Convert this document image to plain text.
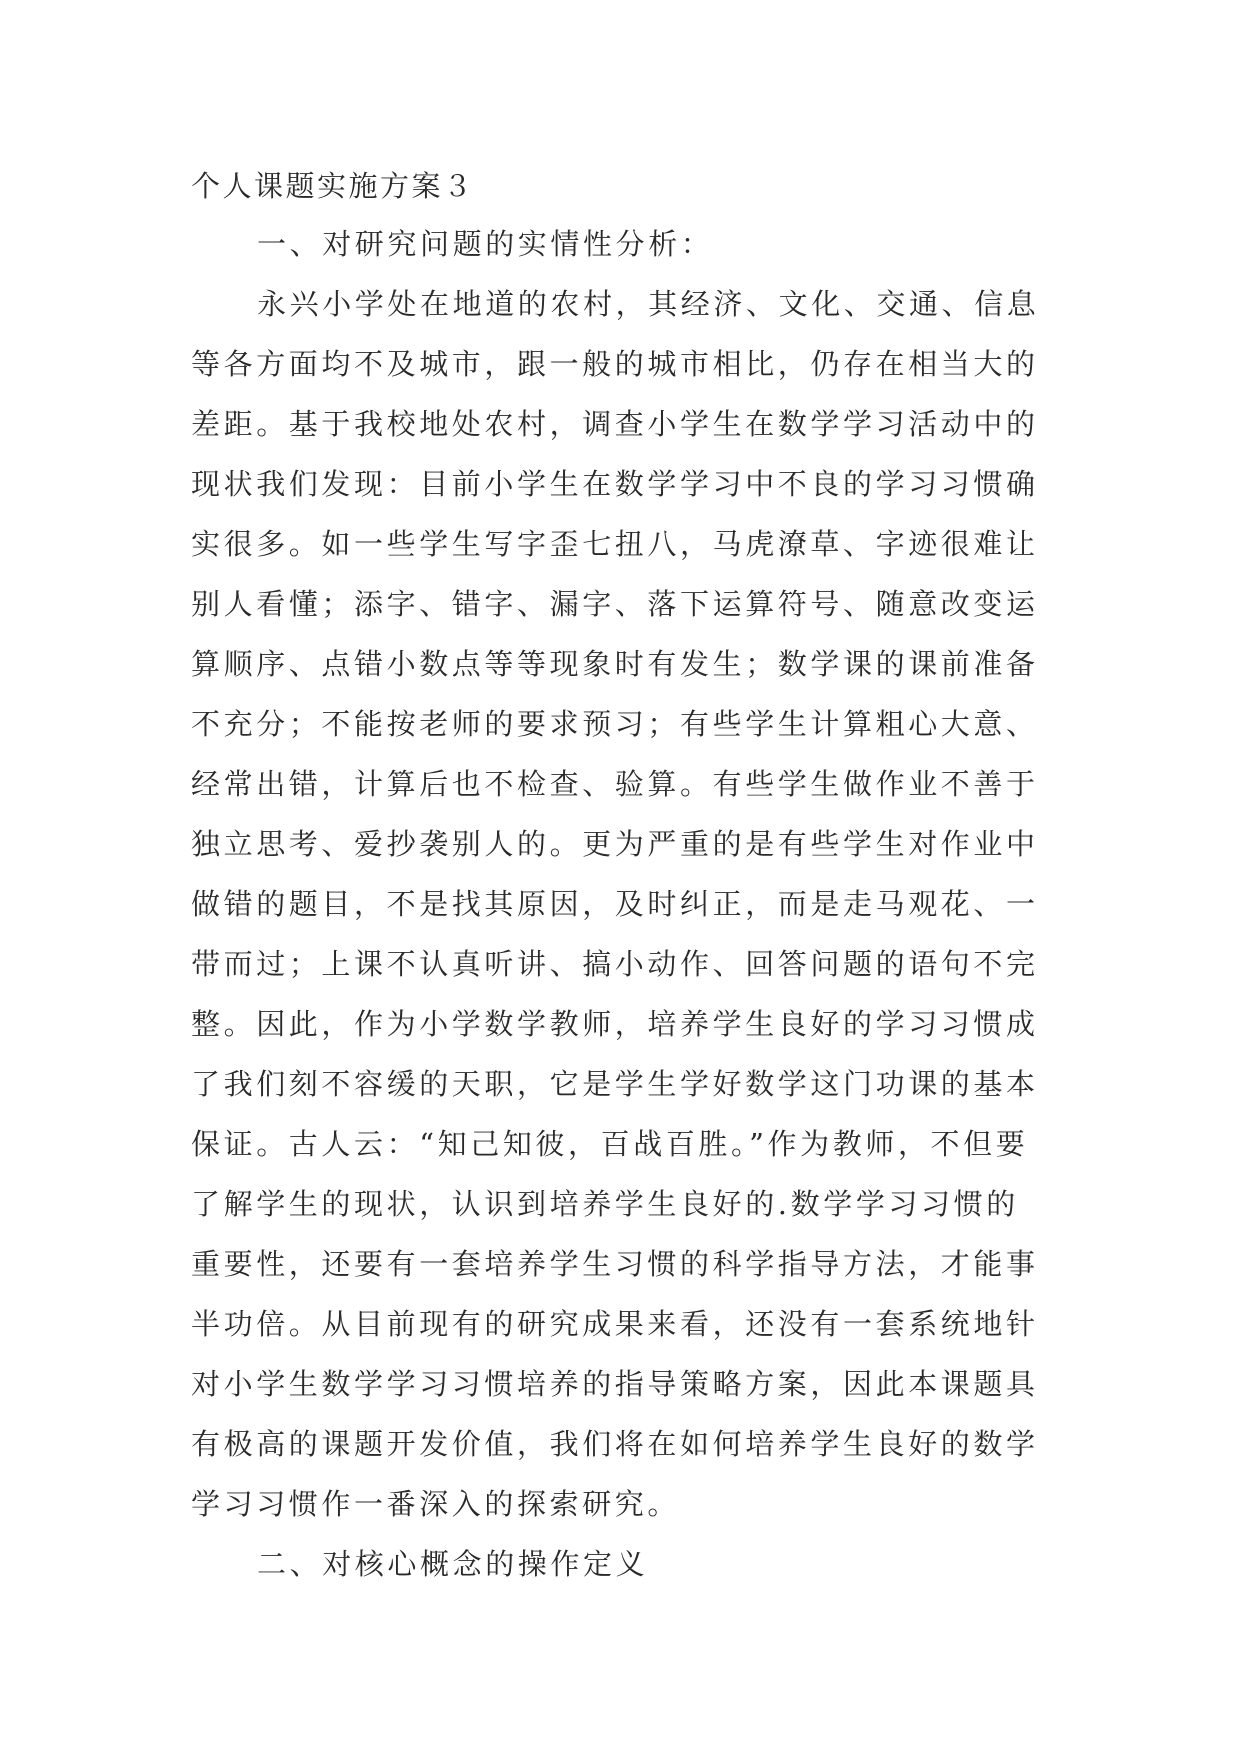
个人课题实施方案３
一、对研究问题的实情性分析：
永兴小学处在地道的农村，其经济、文化、交通、信息
等各方面均不及城市，跟一般的城市相比，仍存在相当大的
差距。基于我校地处农村，调查小学生在数学学习活动中的
现状我们发现：目前小学生在数学学习中不良的学习习惯确
实很多。如一些学生写字歪七扭八，马虎潦草、字迹很难让
别人看懂；添字、错字、漏字、落下运算符号、随意改变运
算顺序、点错小数点等等现象时有发生；数学课的课前准备
不充分；不能按老师的要求预习；有些学生计算粗心大意、
经常出错，计算后也不检查、验算。有些学生做作业不善于
独立思考、爱抄袭别人的。更为严重的是有些学生对作业中
做错的题目，不是找其原因，及时纠正，而是走马观花、一
带而过；上课不认真听讲、搞小动作、回答问题的语句不完
整。因此，作为小学数学教师，培养学生良好的学习习惯成
了我们刻不容缓的天职，它是学生学好数学这门功课的基本
保证。古人云：“知己知彼，百战百胜。”作为教师，不但要
了解学生的现状，认识到培养学生良好的.数学学习习惯的
重要性，还要有一套培养学生习惯的科学指导方法，才能事
半功倍。从目前现有的研究成果来看，还没有一套系统地针
对小学生数学学习习惯培养的指导策略方案，因此本课题具
有极高的课题开发价值，我们将在如何培养学生良好的数学
学习习惯作一番深入的探索研究。
二、对核心概念的操作定义
